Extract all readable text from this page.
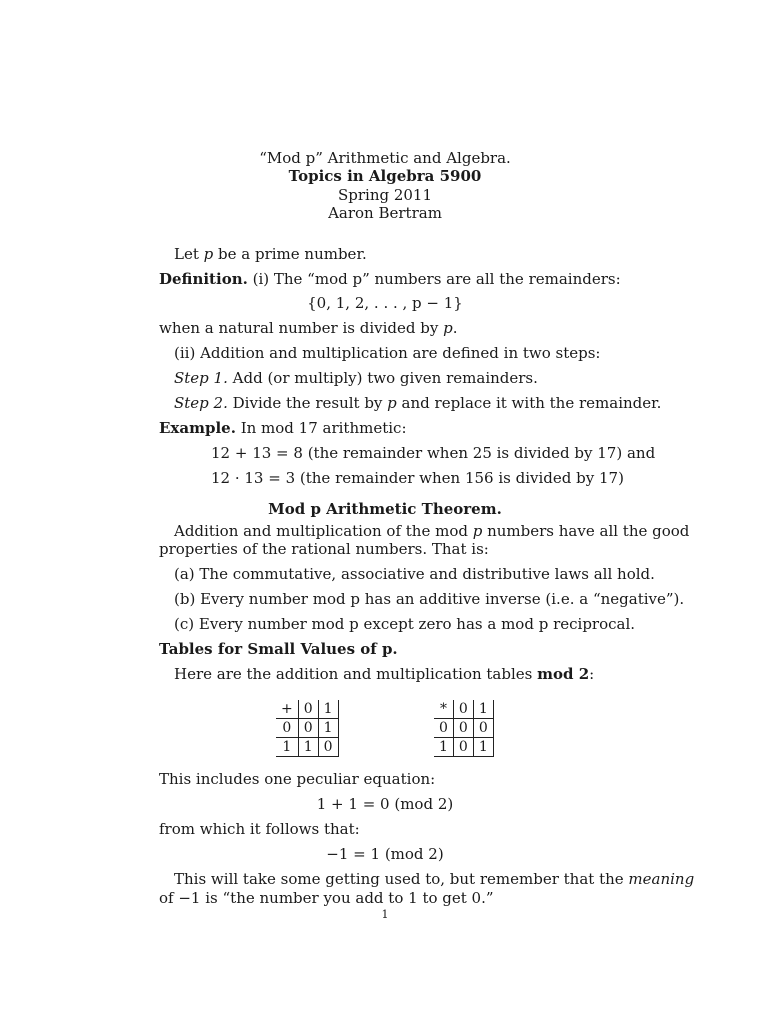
“Mod p” Arithmetic and Algebra.
Topics in Algebra 5900
Spring 2011
Aaron Bertram
Let p be a prime number.
Definition. (i) The “mod p” numbers are all the remainders:
{0, 1, 2, . . . , p − 1}
when a natural number is divided by p.
(ii) Addition and multiplication are defined in two steps:
Step 1. Add (or multiply) two given remainders.
Step 2. Divide the result by p and replace it with the remainder.
Example. In mod 17 arithmetic:
12 + 13 = 8 (the remainder when 25 is divided by 17) and
12 · 13 = 3 (the remainder when 156 is divided by 17)
Mod p Arithmetic Theorem.
Addition and multiplication of the mod p numbers have all the good
properties of the rational numbers. That is:
(a) The commutative, associative and distributive laws all hold.
(b) Every number mod p has an additive inverse (i.e. a “negative”).
(c) Every number mod p except zero has a mod p reciprocal.
Tables for Small Values of p.
Here are the addition and multiplication tables mod 2:
+	0	1
0	0	1
1	1	0
*	0	1
0	0	0
1	0	1
This includes one peculiar equation:
1 + 1 = 0 (mod 2)
from which it follows that:
−1 = 1 (mod 2)
This will take some getting used to, but remember that the meaning
of −1 is “the number you add to 1 to get 0.”
1
